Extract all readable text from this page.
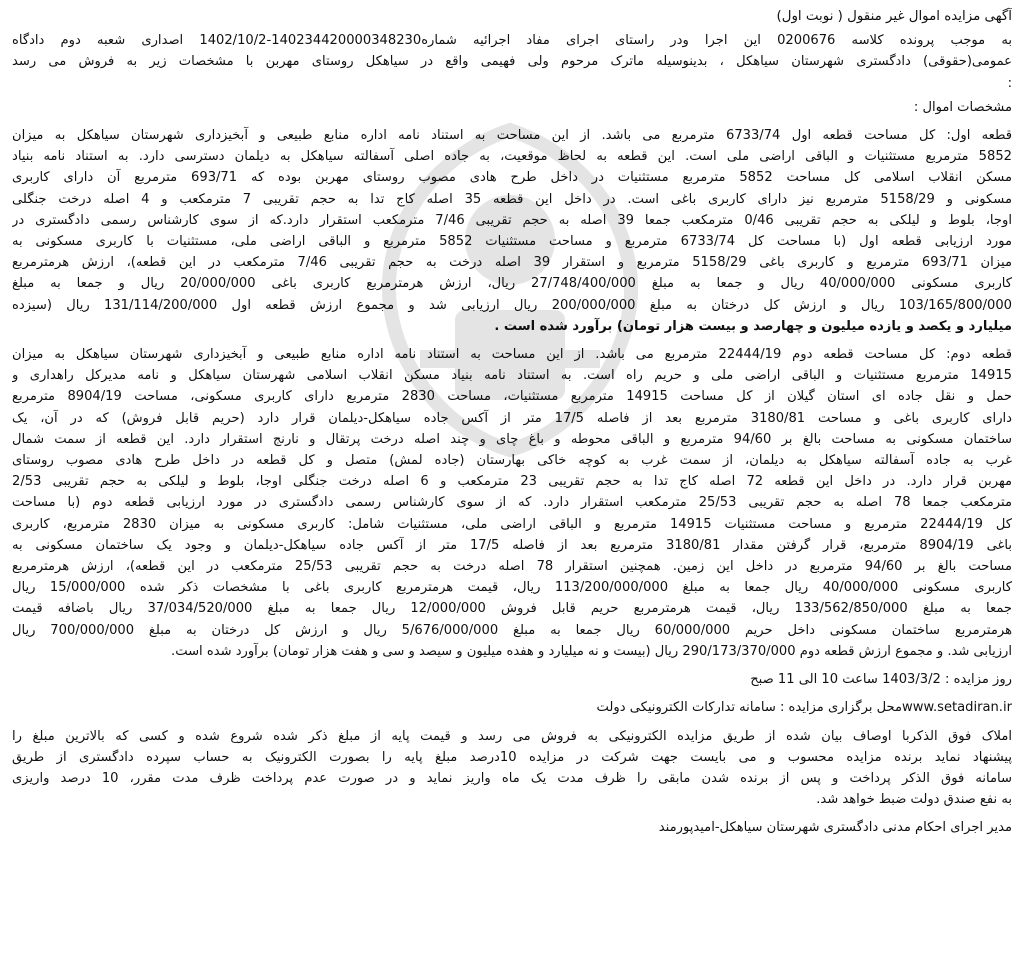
آگهی مزایده اموال غیر منقول ( نوبت اول)
به موجب پرونده کلاسه 0200676 این اجرا ودر راستای اجرای مفاد اجرائیه شماره140234420000348230-1402/10/2 اصداری شعبه دوم دادگاه
عمومی(حقوقی) دادگستری شهرستان سیاهکل ، بدینوسیله ماترک مرحوم ولی فهیمی واقع در سیاهکل روستای مهربن با مشخصات زیر به فروش می رسد
:
مشخصات اموال :
قطعه اول: کل مساحت قطعه اول 6733/74 مترمربع می باشد. از این مساحت به استناد نامه اداره منابع طبیعی و آبخیزداری شهرستان سیاهکل به میزان
5852 مترمربع مستثنیات و الباقی اراضی ملی است. این قطعه به لحاظ موقعیت، به جاده اصلی آسفالته سیاهکل به دیلمان دسترسی دارد. به استناد نامه بنیاد
مسکن انقلاب اسلامی کل مساحت 5852 مترمربع مستثنیات در داخل طرح هادی مصوب روستای مهربن بوده که 693/71 مترمربع آن دارای کاربری
مسکونی و 5158/29 مترمربع نیز دارای کاربری باغی است. در داخل این قطعه 35 اصله کاج تدا به حجم تقریبی 7 مترمکعب و 4 اصله درخت جنگلی
اوجا، بلوط و لیلکی به حجم تقریبی 0/46 مترمکعب جمعا 39 اصله به حجم تقریبی 7/46 مترمکعب استقرار دارد.که از سوی کارشناس رسمی دادگستری در
مورد ارزیابی قطعه اول (با مساحت کل 6733/74 مترمربع و مساحت مستثنیات 5852 مترمربع و الباقی اراضی ملی، مستثنیات با کاربری مسکونی به
میزان 693/71 مترمربع و کاربری باغی 5158/29 مترمربع و استقرار 39 اصله درخت به حجم تقریبی 7/46 مترمکعب در این قطعه)، ارزش هرمترمربع
کاربری مسکونی 40/000/000 ریال و جمعا به مبلغ 27/748/400/000 ریال، ارزش هرمترمربع کاربری باغی 20/000/000 ریال و جمعا به مبلغ
103/165/800/000 ریال و ارزش کل درختان به مبلغ 200/000/000 ریال ارزیابی شد و مجموع ارزش قطعه اول 131/114/200/000 ریال (سیزده
میلیارد و یکصد و یازده میلیون و چهارصد و بیست هزار تومان) برآورد شده است .
قطعه دوم: کل مساحت قطعه دوم 22444/19 مترمربع می باشد. از این مساحت به استناد نامه اداره منابع طبیعی و آبخیزداری شهرستان سیاهکل به میزان
14915 مترمربع مستثنیات و الباقی اراضی ملی و حریم راه است. به استناد نامه بنیاد مسکن انقلاب اسلامی شهرستان سیاهکل و نامه مدیرکل راهداری و
حمل و نقل جاده ای استان گیلان از کل مساحت 14915 مترمربع مستثنیات، مساحت 2830 مترمربع دارای کاربری مسکونی، مساحت 8904/19 مترمربع
دارای کاربری باغی و مساحت 3180/81 مترمربع بعد از فاصله 17/5 متر از آکس جاده سیاهکل-دیلمان قرار دارد (حریم قابل فروش) که در آن، یک
ساختمان مسکونی به مساحت بالغ بر 94/60 مترمربع و الباقی محوطه و باغ چای و چند اصله درخت پرتقال و نارنج استقرار دارد. این قطعه از سمت شمال
غرب به جاده آسفالته سیاهکل به دیلمان، از سمت غرب به کوچه خاکی بهارستان (جاده لمش) متصل و کل قطعه در داخل طرح هادی مصوب روستای
مهربن قرار دارد. در داخل این قطعه 72 اصله کاج تدا به حجم تقریبی 23 مترمکعب و 6 اصله درخت جنگلی اوجا، بلوط و لیلکی به حجم تقریبی 2/53
مترمکعب جمعا 78 اصله به حجم تقریبی 25/53 مترمکعب استقرار دارد. که از سوی کارشناس رسمی دادگستری در مورد ارزیابی قطعه دوم (با مساحت
کل 22444/19 مترمربع و مساحت مستثنیات 14915 مترمربع و الباقی اراضی ملی، مستثنیات شامل: کاربری مسکونی به میزان 2830 مترمربع، کاربری
باغی 8904/19 مترمربع، قرار گرفتن مقدار 3180/81 مترمربع بعد از فاصله 17/5 متر از آکس جاده سیاهکل-دیلمان و وجود یک ساختمان مسکونی به
مساحت بالغ بر 94/60 مترمربع در داخل این زمین. همچنین استقرار 78 اصله درخت به حجم تقریبی 25/53 مترمکعب در این قطعه)، ارزش هرمترمربع
کاربری مسکونی 40/000/000 ریال جمعا به مبلغ 113/200/000/000 ریال، قیمت هرمترمربع کاربری باغی با مشخصات ذکر شده 15/000/000 ریال
جمعا به مبلغ 133/562/850/000 ریال، قیمت هرمترمربع حریم قابل فروش 12/000/000 ریال جمعا به مبلغ 37/034/520/000 ریال باضافه قیمت
هرمترمربع ساختمان مسکونی داخل حریم 60/000/000 ریال جمعا به مبلغ 5/676/000/000 ریال و ارزش کل درختان به مبلغ 700/000/000 ریال
ارزیابی شد. و مجموع ارزش قطعه دوم 290/173/370/000 ریال (بیست و نه میلیارد و هفده میلیون و سیصد و سی و هفت هزار تومان) برآورد شده است.
روز مزایده : 1403/3/2 ساعت 10 الی 11 صبح
www.setadiran.irمحل برگزاری مزایده : سامانه تدارکات الکترونیکی دولت
املاک فوق الذکربا اوصاف بیان شده از طریق مزایده الکترونیکی به فروش می رسد و قیمت پایه از مبلغ ذکر شده شروع شده و کسی که بالاترین مبلغ را
پیشنهاد نماید برنده مزایده محسوب و می بایست جهت شرکت در مزایده 10درصد مبلغ پایه را بصورت الکترونیک به حساب سپرده دادگستری از طریق
سامانه فوق الذکر پرداخت و پس از برنده شدن مابقی را ظرف مدت یک ماه واریز نماید و در صورت عدم پرداخت ظرف مدت مقرر، 10 درصد واریزی
به نفع صندق دولت ضبط خواهد شد.
مدیر اجرای احکام مدنی دادگستری شهرستان سیاهکل-امیدپورمند
